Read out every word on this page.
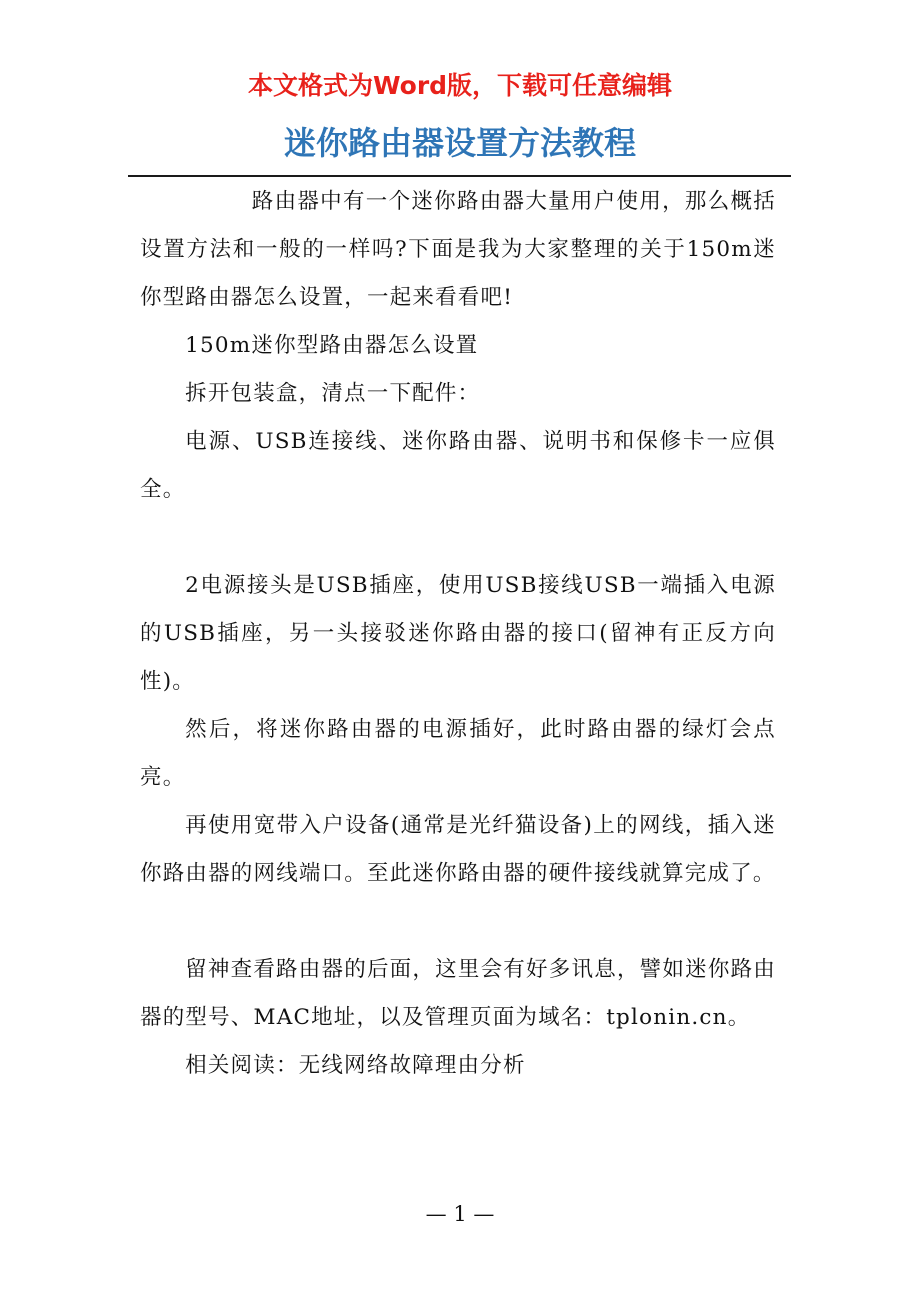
本文格式为Word版，下载可任意编辑
迷你路由器设置方法教程

路由器中有一个迷你路由器大量用户使用，那么概括设置方法和一般的一样吗?下面是我为大家整理的关于150m迷你型路由器怎么设置，一起来看看吧!

150m迷你型路由器怎么设置

拆开包装盒，清点一下配件：

电源、USB连接线、迷你路由器、说明书和保修卡一应俱全。

2电源接头是USB插座，使用USB接线USB一端插入电源的USB插座，另一头接驳迷你路由器的接口(留神有正反方向性)。

然后，将迷你路由器的电源插好，此时路由器的绿灯会点亮。

再使用宽带入户设备(通常是光纤猫设备)上的网线，插入迷你路由器的网线端口。至此迷你路由器的硬件接线就算完成了。

留神查看路由器的后面，这里会有好多讯息，譬如迷你路由器的型号、MAC地址，以及管理页面为域名：tplonin.cn。

相关阅读：无线网络故障理由分析

— 1 —
